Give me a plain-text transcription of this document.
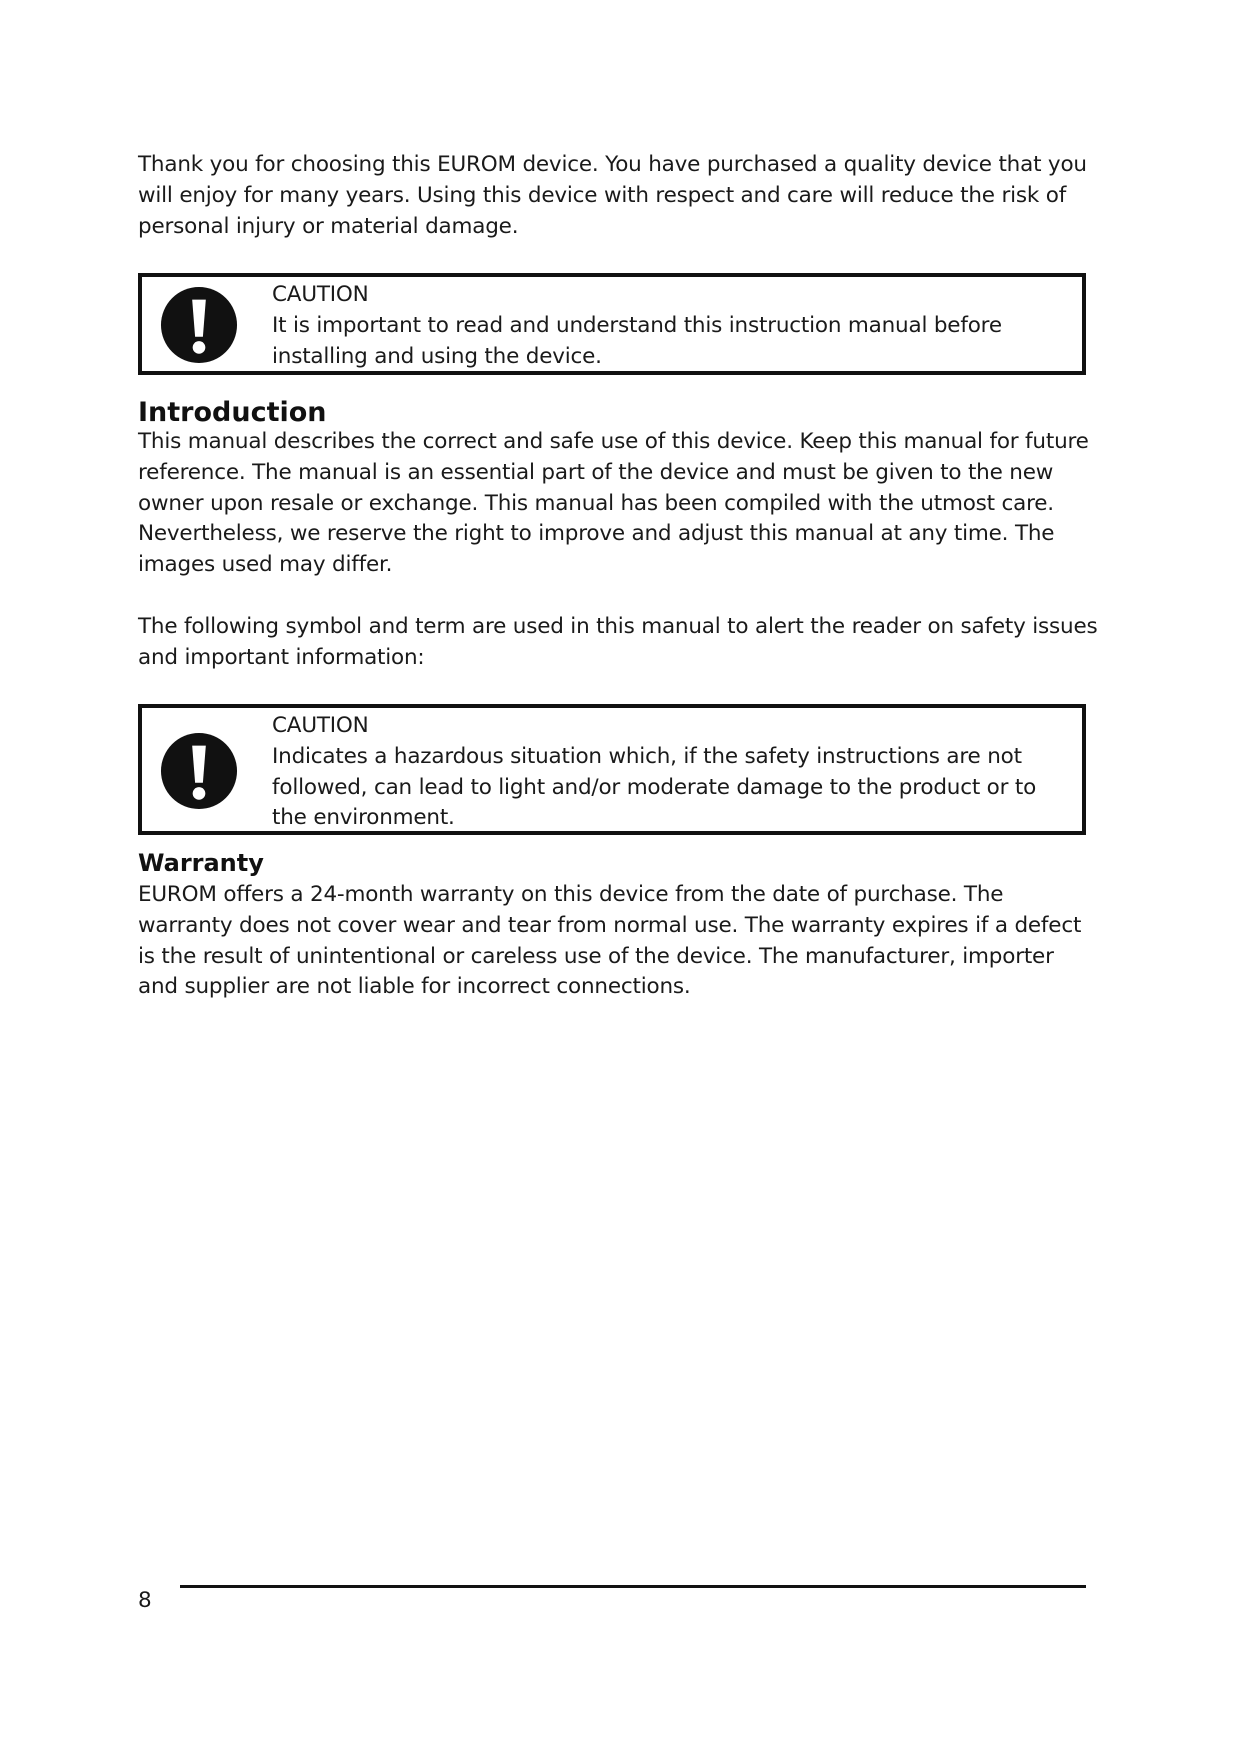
Thank you for choosing this EUROM device. You have purchased a quality device that you will enjoy for many years. Using this device with respect and care will reduce the risk of personal injury or material damage.

CAUTION
It is important to read and understand this instruction manual before installing and using the device.

Introduction

This manual describes the correct and safe use of this device. Keep this manual for future reference. The manual is an essential part of the device and must be given to the new owner upon resale or exchange. This manual has been compiled with the utmost care. Nevertheless, we reserve the right to improve and adjust this manual at any time. The images used may differ.

The following symbol and term are used in this manual to alert the reader on safety issues and important information:

CAUTION
Indicates a hazardous situation which, if the safety instructions are not followed, can lead to light and/or moderate damage to the product or to the environment.

Warranty

EUROM offers a 24-month warranty on this device from the date of purchase. The warranty does not cover wear and tear from normal use. The warranty expires if a defect is the result of unintentional or careless use of the device. The manufacturer, importer and supplier are not liable for incorrect connections.

8
